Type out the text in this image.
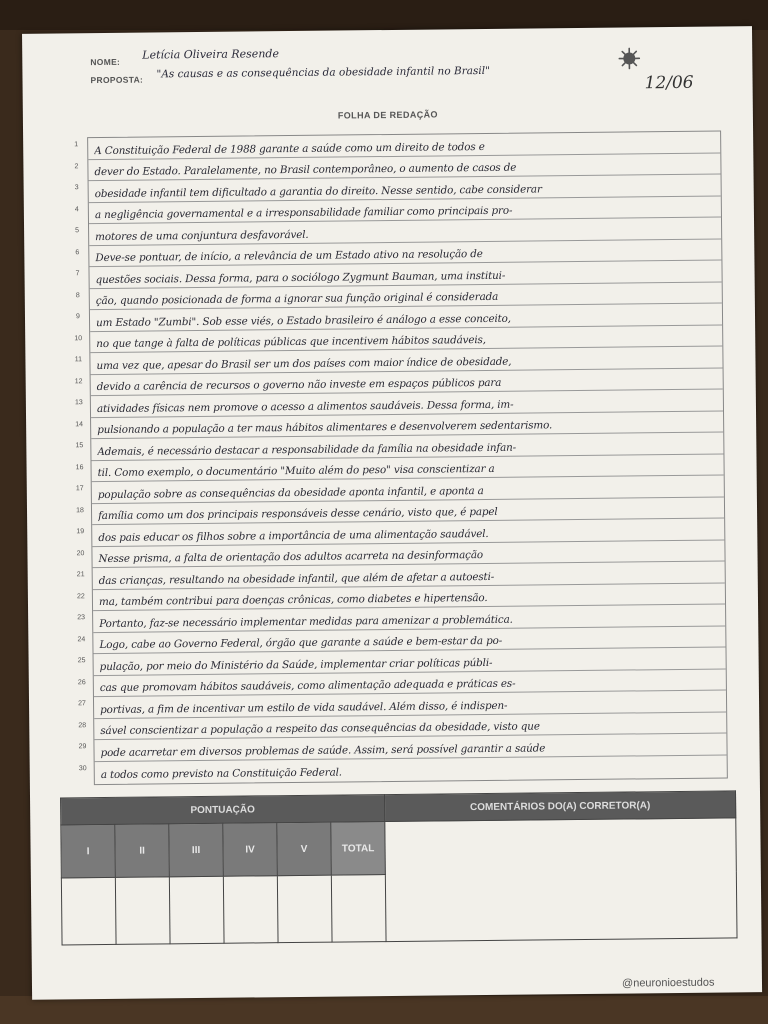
NOME:
Letícia Oliveira Resende
PROPOSTA: "As causas e as consequências da obesidade infantil no Brasil"
12/06
FOLHA DE REDAÇÃO
1	A Constituição Federal de 1988 garante a saúde como um direito de todos e
2	dever do Estado. Paralelamente, no Brasil contemporâneo, o aumento de casos de
3	obesidade infantil tem dificultado a garantia do direito. Nesse sentido, cabe considerar
4	a negligência governamental e a irresponsabilidade familiar como principais pro-
5	motores de uma conjuntura desfavorável.
6	Deve-se pontuar, de início, a relevância de um Estado ativo na resolução de
7	questões sociais. Dessa forma, para o sociólogo Zygmunt Bauman, uma institui-
8	ção, quando posicionada de forma a ignorar sua função original é considerada
9	um Estado "Zumbi". Sob esse viés, o Estado brasileiro é análogo a esse conceito,
10	no que tange à falta de políticas públicas que incentivem hábitos saudáveis,
11	uma vez que, apesar do Brasil ser um dos países com maior índice de obesidade,
12	devido a carência de recursos o governo não investe em espaços públicos para
13	atividades físicas nem promove o acesso a alimentos saudáveis. Dessa forma, im-
14	pulsionando a população a ter maus hábitos alimentares e desenvolverem sedentarismo.
15	Ademais, é necessário destacar a responsabilidade da família na obesidade infan-
16	til. Como exemplo, o documentário "Muito além do peso" visa conscientizar a
17	população sobre as consequências da obesidade aponta infantil, e aponta a
18	família como um dos principais responsáveis desse cenário, visto que, é papel
19	dos pais educar os filhos sobre a importância de uma alimentação saudável.
20	Nesse prisma, a falta de orientação dos adultos acarreta na desinformação
21	das crianças, resultando na obesidade infantil, que além de afetar a autoesti-
22	ma, também contribui para doenças crônicas, como diabetes e hipertensão.
23	Portanto, faz-se necessário implementar medidas para amenizar a problemática.
24	Logo, cabe ao Governo Federal, órgão que garante a saúde e bem-estar da po-
25	pulação, por meio do Ministério da Saúde, implementar criar políticas públi-
26	cas que promovam hábitos saudáveis, como alimentação adequada e práticas es-
27	portivas, a fim de incentivar um estilo de vida saudável. Além disso, é indispen-
28	sável conscientizar a população a respeito das consequências da obesidade, visto que
29	pode acarretar em diversos problemas de saúde. Assim, será possível garantir a saúde
30	a todos como previsto na Constituição Federal.
PONTUAÇÃO						COMENTÁRIOS DO(A) CORRETOR(A)
I	II	III	IV	V	TOTAL	

@neuronioestudos
